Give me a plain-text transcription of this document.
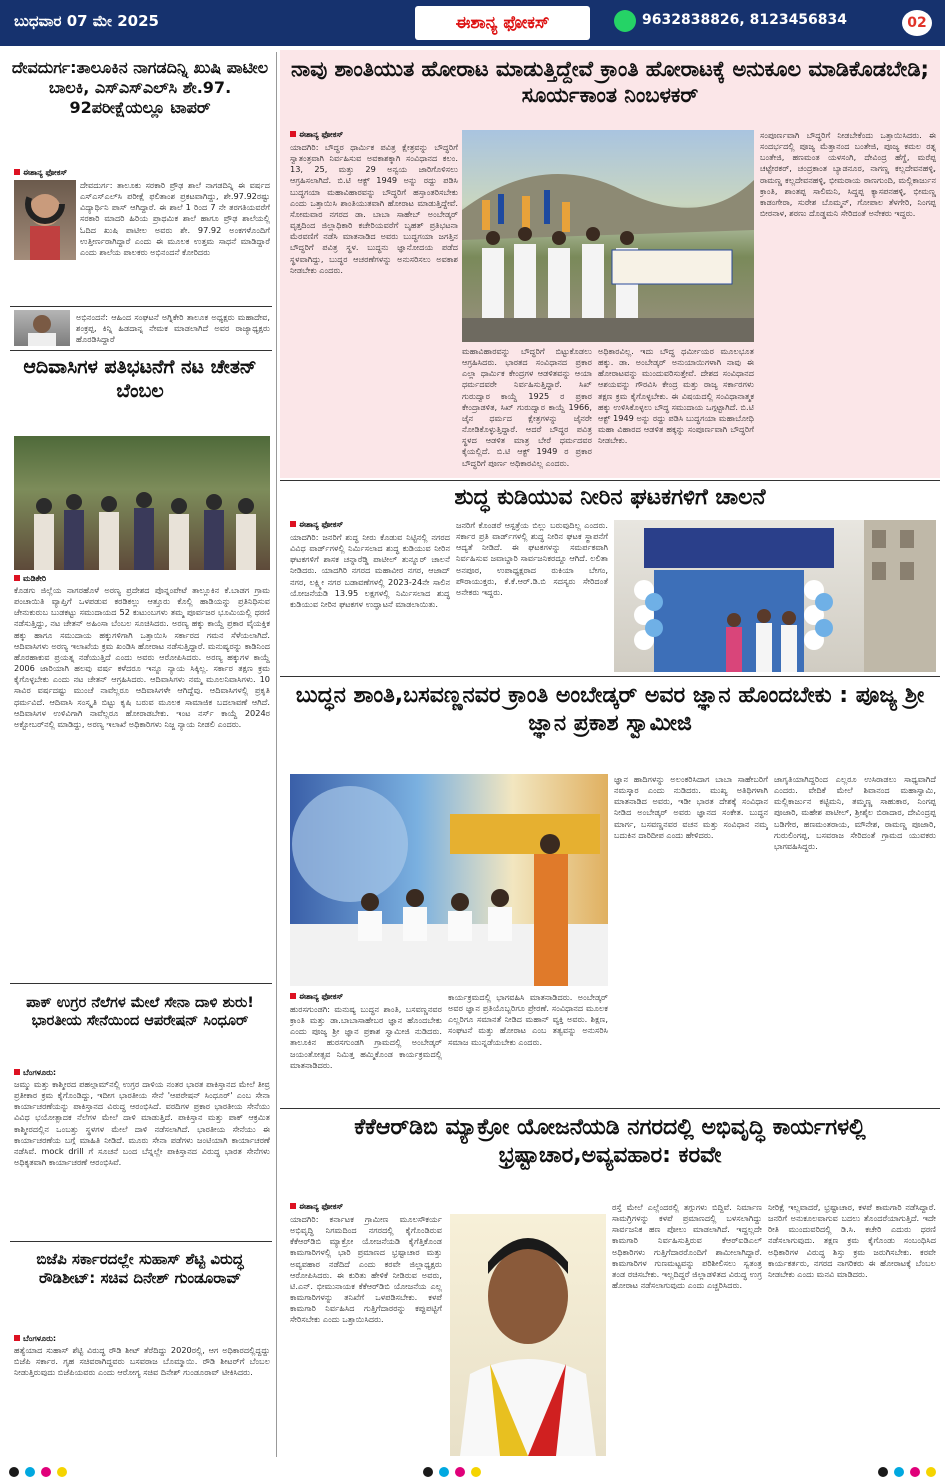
ಬುಧವಾರ 07 ಮೇ 2025	ಈಶಾನ್ಯ ಫೋಕಸ್	9632838826, 8123456834	02
ದೇವದುರ್ಗ:ತಾಲೂಕಿನ ನಾಗಡದಿನ್ನಿ ಖುಷಿ ಪಾಟೀಲ ಬಾಲಕಿ, ಎಸ್‌ಎಸ್‌ಎಲ್‌ಸಿ ಶೇ.97. 92ಪರೀಕ್ಷೆಯಲ್ಲೂ ಟಾಪರ್
ಈಶಾನ್ಯ ಫೋಕಸ್
ದೇವದುರ್ಗ: ತಾಲೂಕು ಸರಕಾರಿ ಪ್ರೌಢ ಶಾಲೆ ನಾಗಡದಿನ್ನಿ ಈ ವರ್ಷದ ಎಸ್‌ಎಸ್‌ಎಲ್‌ಸಿ ಪರೀಕ್ಷೆ ಫಲಿತಾಂಶ ಪ್ರಕಟವಾಗಿದ್ದು, ಶೇ.97.92ರಷ್ಟು ವಿದ್ಯಾರ್ಥಿನಿ ಪಾಸ್ ಆಗಿದ್ದಾರೆ. ಈ ಶಾಲೆ 1 ರಿಂದ 7 ನೇ ತರಗತಿಯವರೆಗೆ ಸರಕಾರಿ ಮಾದರಿ ಹಿರಿಯ ಪ್ರಾಥಮಿಕ ಶಾಲೆ ಹಾಗೂ ಪ್ರೌಢ ಶಾಲೆಯಲ್ಲಿ ಓದಿದ ಖುಷಿ ಪಾಟೀಲ ಅವರು ಶೇ. 97.92 ಅಂಕಗಳೊಂದಿಗೆ ಉತ್ತೀರ್ಣರಾಗಿದ್ದಾರೆ ಎಂದು ಈ ಮೂಲಕ ಉತ್ತಮ ಸಾಧನೆ ಮಾಡಿದ್ದಾರೆ ಎಂದು ಶಾಲೆಯ ಪಾಲಕರು ಅಭಿನಂದನೆ ಕೋರಿದರು
ಅಭಿನಂದನೆ: ಆಹಿಂದ ಸಂಘಟನೆ ಅಗ್ನಿಕೇರಿ ತಾಲೂಕ ಅಧ್ಯಕ್ಷರು ಮಹಾದೇವ, ಶಂಕ್ರಪ್ಪ, ಕಿನ್ನಿ ಹಿಡದಾನ್ನ ನೇಮಕ ಮಾಡಲಾಗಿದೆ ಅವರ ರಾಜ್ಯಾಧ್ಯಕ್ಷರು ಹೊರಡಿಸಿದ್ದಾರೆ
ಆದಿವಾಸಿಗಳ ಪತಿಭಟನೆಗೆ ನಟ ಚೇತನ್ ಬೆಂಬಲ
ಮಡಿಕೇರಿ
ಕೊಡಗು ಜಿಲ್ಲೆಯ ನಾಗರಹೊಳೆ ಅರಣ್ಯ ಪ್ರದೇಶದ ಪೊನ್ನಂಪೇಟೆ ತಾಲ್ಲೂಕಿನ ಕೆ.ಬಾಡಗ ಗ್ರಾಮ ಪಂಚಾಯಿತಿ ವ್ಯಾಪ್ತಿಗೆ ಒಳಪಡುವ ಕರಡಿಕಲ್ಲು ಆತ್ತೂರು ಕೊಲ್ಲಿ ಹಾಡಿಯನ್ನು ಪ್ರತಿನಿಧಿಸುವ ಜೇನುಕುರುಬ ಬುಡಕಟ್ಟು ಸಮುದಾಯದ 52 ಕುಟುಂಬಗಳು ತಮ್ಮ ಪೂರ್ವಜರ ಭೂಮಿಯಲ್ಲಿ ಧರಣಿ ನಡೆಸುತ್ತಿದ್ದು, ನಟ ಚೇತನ್ ಅಹಿಂಸಾ ಬೆಂಬಲ ಸೂಚಿಸಿದರು. ಅರಣ್ಯ ಹಕ್ಕು ಕಾಯ್ದೆ ಪ್ರಕಾರ ವೈಯಕ್ತಿಕ ಹಕ್ಕು ಹಾಗೂ ಸಮುದಾಯ ಹಕ್ಕುಗಳಿಗಾಗಿ ಒತ್ತಾಯಿಸಿ ಸರ್ಕಾರದ ಗಮನ ಸೆಳೆಯಲಾಗಿದೆ. ಆದಿವಾಸಿಗಳು ಅರಣ್ಯ ಇಲಾಖೆಯ ಕ್ರಮ ಖಂಡಿಸಿ ಹೋರಾಟ ನಡೆಸುತ್ತಿದ್ದಾರೆ. ಮನುಷ್ಯರನ್ನು ಕಾಡಿನಿಂದ ಹೊರಹಾಕುವ ಪ್ರಯತ್ನ ನಡೆಯುತ್ತಿದೆ ಎಂದು ಅವರು ಆರೋಪಿಸಿದರು. ಅರಣ್ಯ ಹಕ್ಕುಗಳ ಕಾಯ್ದೆ 2006 ಜಾರಿಯಾಗಿ ಹಲವು ವರ್ಷ ಕಳೆದರೂ ಇನ್ನೂ ನ್ಯಾಯ ಸಿಕ್ಕಿಲ್ಲ. ಸರ್ಕಾರ ತಕ್ಷಣ ಕ್ರಮ ಕೈಗೊಳ್ಳಬೇಕು ಎಂದು ನಟ ಚೇತನ್ ಆಗ್ರಹಿಸಿದರು. ಆದಿವಾಸಿಗಳು ನಮ್ಮ ಮೂಲನಿವಾಸಿಗಳು. 10 ಸಾವಿರ ವರ್ಷದಷ್ಟು ಮುಂಚೆ ನಾವೆಲ್ಲರೂ ಆದಿವಾಸಿಗಳೇ ಆಗಿದ್ದೆವು. ಆದಿವಾಸಿಗಳಲ್ಲಿ ಪ್ರಕೃತಿ ಧರ್ಮವಿದೆ. ಆದಿವಾಸಿ ಸಂಸ್ಕೃತಿ ಬಿಟ್ಟು ಕೃಷಿ ಬರುವ ಮೂಲಕ ಸಾಮಾಜಿಕ ಬದಲಾವಣೆ ಆಗಿದೆ. ಆದಿವಾಸಿಗಳ ಉಳಿವಿಗಾಗಿ ನಾವೆಲ್ಲರೂ ಹೋರಾಡಬೇಕು. ಇಂಟ ನರ್ಸ್ ಕಾಯ್ದೆ 2024ರ ಅಕ್ಟೋಬರ್‌ನಲ್ಲಿ ಮಾಡಿದ್ದು, ಅರಣ್ಯ ಇಲಾಖೆ ಅಧಿಕಾರಿಗಳು ನಿಜ್ಜ ನ್ಯಾಯ ನೀಡಲಿ ಎಂದರು.
ಪಾಕ್ ಉಗ್ರರ ನೆಲೆಗಳ ಮೇಲೆ ಸೇನಾ ದಾಳಿ ಶುರು! ಭಾರತೀಯ ಸೇನೆಯಿಂದ ಆಪರೇಷನ್ ಸಿಂಧೂರ್
ಬೆಂಗಳೂರು:
ಜಮ್ಮು ಮತ್ತು ಕಾಶ್ಮೀರದ ಪಹಲ್ಗಾಮ್‌ನಲ್ಲಿ ಉಗ್ರರ ದಾಳಿಯ ನಂತರ ಭಾರತ ಪಾಕಿಸ್ತಾನದ ಮೇಲೆ ತೀವ್ರ ಪ್ರತೀಕಾರ ಕ್ರಮ ಕೈಗೊಂಡಿದ್ದು, ಇದೀಗ ಭಾರತೀಯ ಸೇನೆ 'ಆಪರೇಷನ್ ಸಿಂಧೂರ್' ಎಂಬ ಸೇನಾ ಕಾರ್ಯಾಚರಣೆಯನ್ನು ಪಾಕಿಸ್ತಾನದ ವಿರುದ್ಧ ಆರಂಭಿಸಿದೆ. ವರದಿಗಳ ಪ್ರಕಾರ ಭಾರತೀಯ ಸೇನೆಯು ವಿವಿಧ ಭಯೋತ್ಪಾದಕ ನೆಲೆಗಳ ಮೇಲೆ ದಾಳಿ ಮಾಡುತ್ತಿದೆ. ಪಾಕಿಸ್ತಾನ ಮತ್ತು ಪಾಕ್ ಆಕ್ರಮಿತ ಕಾಶ್ಮೀರದಲ್ಲಿನ ಒಂಬತ್ತು ಸ್ಥಳಗಳ ಮೇಲೆ ದಾಳಿ ನಡೆಸಲಾಗಿದೆ. ಭಾರತೀಯ ಸೇನೆಯು ಈ ಕಾರ್ಯಾಚರಣೆಯ ಬಗ್ಗೆ ಮಾಹಿತಿ ನೀಡಿದೆ. ಮೂರು ಸೇನಾ ಪಡೆಗಳು ಜಂಟಿಯಾಗಿ ಕಾರ್ಯಾಚರಣೆ ನಡೆಸಿವೆ. mock drill ಗೆ ಸೂಚನೆ ಬಂದ ಬೆನ್ನಲ್ಲೇ ಪಾಕಿಸ್ತಾನದ ವಿರುದ್ಧ ಭಾರತ ಸೇನೆಗಳು ಅಧಿಕೃತವಾಗಿ ಕಾರ್ಯಾಚರಣೆ ಆರಂಭಿಸಿವೆ.
ಬಿಜೆಪಿ ಸರ್ಕಾರದಲ್ಲೇ ಸುಹಾಸ್ ಶೆಟ್ಟಿ ವಿರುದ್ಧ ರೌಡಿಶೀಟ್: ಸಚಿವ ದಿನೇಶ್ ಗುಂಡೂರಾವ್
ಬೆಂಗಳೂರು:
ಹತ್ಯೆಯಾದ ಸುಹಾಸ್ ಶೆಟ್ಟಿ ವಿರುದ್ಧ ರೌಡಿ ಶೀಟ್ ತೆರೆದಿದ್ದು 2020ರಲ್ಲಿ, ಆಗ ಅಧಿಕಾರದಲ್ಲಿದ್ದದ್ದು ಬಿಜೆಪಿ ಸರ್ಕಾರ. ಗೃಹ ಸಚಿವರಾಗಿದ್ದವರು ಬಸವರಾಜ ಬೊಮ್ಮಾಯಿ. ರೌಡಿ ಶೀಟರ್‌ಗೆ ಬೆಂಬಲ ನೀಡುತ್ತಿರುವುದು ಬಿಜೆಪಿಯವರು ಎಂದು ಆರೋಗ್ಯ ಸಚಿವ ದಿನೇಶ್ ಗುಂಡೂರಾವ್ ಟೀಕಿಸಿದರು.
ನಾವು ಶಾಂತಿಯುತ ಹೋರಾಟ ಮಾಡುತ್ತಿದ್ದೇವೆ ಕ್ರಾಂತಿ ಹೋರಾಟಕ್ಕೆ ಅನುಕೂಲ ಮಾಡಿಕೊಡಬೇಡಿ; ಸೂರ್ಯಕಾಂತ ನಿಂಬಳಕರ್
ಈಶಾನ್ಯ ಫೋಕಸ್
ಯಾದಗಿರಿ: ಬೌದ್ಧರ ಧಾರ್ಮಿಕ ಪವಿತ್ರ ಕ್ಷೇತ್ರವನ್ನು ಬೌದ್ಧರಿಗೆ ಸ್ವಾತಂತ್ರವಾಗಿ ನಿರ್ವಹಿಸುವ ಅವಕಾಶಕ್ಕಾಗಿ ಸಂವಿಧಾನದ ಕಲಂ. 13, 25, ಮತ್ತು 29 ಅನ್ವಯ ಜಾರಿಗೊಳಿಸಲು ಆಗ್ರಹಿಸಲಾಗಿದೆ. ಬಿ.ಟಿ ಆಕ್ಟ್ 1949 ಅನ್ನು ರದ್ದು ಪಡಿಸಿ ಬುದ್ಧಗಯಾ ಮಹಾವಿಹಾರವನ್ನು ಬೌದ್ಧರಿಗೆ ಹಸ್ತಾಂತರಿಸಬೇಕು ಎಂದು ಒತ್ತಾಯಿಸಿ ಶಾಂತಿಯುತವಾಗಿ ಹೋರಾಟ ಮಾಡುತ್ತಿದ್ದೇವೆ. ಸೋಮವಾರ ನಗರದ ಡಾ. ಬಾಬಾ ಸಾಹೇಬ್ ಅಂಬೇಡ್ಕರ್ ವೃತ್ತದಿಂದ ಜಿಲ್ಲಾಧಿಕಾರಿ ಕಚೇರಿಯವರೆಗೆ ಬೃಹತ್ ಪ್ರತಿಭಟನಾ ಮೆರವಣಿಗೆ ನಡೆಸಿ ಮಾತನಾಡಿದ ಅವರು ಬುದ್ಧಗಯಾ ಜಗತ್ತಿನ ಬೌದ್ಧರಿಗೆ ಪವಿತ್ರ ಸ್ಥಳ. ಬುದ್ಧನು ಜ್ಞಾನೋದಯ ಪಡೆದ ಸ್ಥಳವಾಗಿದ್ದು, ಬುದ್ಧರ ಆಚರಣೆಗಳನ್ನು ಅನುಸರಿಸಲು ಅವಕಾಶ ನೀಡಬೇಕು ಎಂದರು.
ಮಹಾವಿಹಾರವನ್ನು ಬೌದ್ಧರಿಗೆ ಬಿಟ್ಟುಕೊಡಲು ಆಗ್ರಹಿಸಿದರು. ಭಾರತದ ಸಂವಿಧಾನದ ಪ್ರಕಾರ ಎಲ್ಲಾ ಧಾರ್ಮಿಕ ಕೇಂದ್ರಗಳ ಆಡಳಿತವನ್ನು ಆಯಾ ಧರ್ಮದವರೇ ನಿರ್ವಹಿಸುತ್ತಿದ್ದಾರೆ. ಸಿಖ್ ಗುರುದ್ವಾರ ಕಾಯ್ದೆ 1925 ರ ಪ್ರಕಾರ ಕೇಂದ್ರಾಡಳಿತ, ಸಿಖ್ ಗುರುದ್ವಾರ ಕಾಯ್ದೆ 1966, ಜೈನ ಧರ್ಮದ ಕ್ಷೇತ್ರಗಳನ್ನು ಜೈನರೇ ನೋಡಿಕೊಳ್ಳುತ್ತಿದ್ದಾರೆ. ಆದರೆ ಬೌದ್ಧರ ಪವಿತ್ರ ಸ್ಥಳದ ಆಡಳಿತ ಮಾತ್ರ ಬೇರೆ ಧರ್ಮದವರ ಕೈಯಲ್ಲಿದೆ. ಬಿ.ಟಿ ಆಕ್ಟ್ 1949 ರ ಪ್ರಕಾರ ಬೌದ್ಧರಿಗೆ ಪೂರ್ಣ ಅಧಿಕಾರವಿಲ್ಲ ಎಂದರು.
ಅಧಿಕಾರವಿಲ್ಲ. ಇದು ಬೌದ್ಧ ಧರ್ಮೀಯರ ಮೂಲಭೂತ ಹಕ್ಕು. ಡಾ. ಅಂಬೇಡ್ಕರ್ ಅನುಯಾಯಿಗಳಾಗಿ ನಾವು ಈ ಹೋರಾಟವನ್ನು ಮುಂದುವರಿಸುತ್ತೇವೆ. ದೇಶದ ಸಂವಿಧಾನದ ಆಶಯವನ್ನು ಗೌರವಿಸಿ ಕೇಂದ್ರ ಮತ್ತು ರಾಜ್ಯ ಸರ್ಕಾರಗಳು ತಕ್ಷಣ ಕ್ರಮ ಕೈಗೊಳ್ಳಬೇಕು. ಈ ವಿಷಯದಲ್ಲಿ ಸಂವಿಧಾನಾತ್ಮಕ ಹಕ್ಕು ಉಳಿಸಿಕೊಳ್ಳಲು ಬೌದ್ಧ ಸಮುದಾಯ ಒಗ್ಗಟ್ಟಾಗಿದೆ. ಬಿ.ಟಿ ಆಕ್ಟ್ 1949 ಅನ್ನು ರದ್ದು ಪಡಿಸಿ ಬುದ್ಧಗಯಾ ಮಹಾಬೋಧಿ ಮಹಾ ವಿಹಾರದ ಆಡಳಿತ ಹಕ್ಕನ್ನು ಸಂಪೂರ್ಣವಾಗಿ ಬೌದ್ಧರಿಗೆ ನೀಡಬೇಕು.
ಸಂಪೂರ್ಣವಾಗಿ ಬೌದ್ಧರಿಗೆ ನೀಡಬೇಕೆಂದು ಒತ್ತಾಯಿಸಿದರು. ಈ ಸಂದರ್ಭದಲ್ಲಿ ಪೂಜ್ಯ ಮೆತ್ತಾನಂದ ಬಂತೇಜಿ, ಪೂಜ್ಯ ಕಮಲ ರತ್ನ ಬಂತೇಜಿ, ಹಣಮಂತ ಯಳಸಂಗಿ, ದೇವಿಂದ್ರ ಹೆಗ್ಡೆ, ಮರೆಪ್ಪ ಚಟ್ಟೇರಕರ್, ಚಂದ್ರಕಾಂತ ಬ್ಯಾಡನೂರ, ನಾಗಣ್ಣ ಕಲ್ಲದೇವನಹಳ್ಳಿ, ರಾಮಣ್ಣ ಕಲ್ಲದೇವನಹಳ್ಳಿ, ಭೀಮರಾಯ ಠಾಣಗುಂದಿ, ಮಲ್ಲಿಕಾರ್ಜುನ ಕ್ರಾಂತಿ, ಶಾಂತಪ್ಪ ಸಾಲಿಮನಿ, ಸಿದ್ದಪ್ಪ ಕ್ಯಾಸಪನಹಳ್ಳಿ, ಭೀಮಣ್ಣ ಕಾಡಂಗೇರಾ, ಸುರೇಶ ಬೊಮ್ಮನ್, ಗೋಪಾಲ ತೆಳಗೇರಿ, ನಿಂಗಪ್ಪ ಬೀರನಾಳ, ಶರಣು ದೊಡ್ಡಮನಿ ಸೇರಿದಂತೆ ಅನೇಕರು ಇದ್ದರು.
ಶುದ್ಧ ಕುಡಿಯುವ ನೀರಿನ ಘಟಕಗಳಿಗೆ ಚಾಲನೆ
ಈಶಾನ್ಯ ಫೋಕಸ್
ಯಾದಗಿರಿ: ಜನರಿಗೆ ಶುದ್ಧ ನೀರು ಕೊಡುವ ನಿಟ್ಟಿನಲ್ಲಿ ನಗರದ ವಿವಿಧ ವಾರ್ಡ್‌ಗಳಲ್ಲಿ ನಿರ್ಮಿಸಲಾದ ಶುದ್ಧ ಕುಡಿಯುವ ನೀರಿನ ಘಟಕಗಳಿಗೆ ಶಾಸಕ ಚನ್ನಾರೆಡ್ಡಿ ಪಾಟೀಲ್ ತುನ್ನೂರ್ ಚಾಲನೆ ನೀಡಿದರು. ಯಾದಗಿರಿ ನಗರದ ಮಹಾವೀರ ನಗರ, ಆಜಾದ್ ನಗರ, ಲಕ್ಷ್ಮೀ ನಗರ ಬಡಾವಣೆಗಳಲ್ಲಿ 2023-24ನೇ ಸಾಲಿನ ಯೋಜನೆಯಡಿ 13.95 ಲಕ್ಷಗಳಲ್ಲಿ ನಿರ್ಮಿಸಲಾದ ಶುದ್ಧ ಕುಡಿಯುವ ನೀರಿನ ಘಟಕಗಳ ಉದ್ಘಾಟನೆ ಮಾಡಲಾಯಿತು.
ಜನರಿಗೆ ಕೊಂಡರೆ ಆಸ್ಪತ್ರೆಯ ಬಿಲ್ಲು ಬರುವುದಿಲ್ಲ ಎಂದರು. ಸರ್ಕಾರ ಪ್ರತಿ ವಾರ್ಡ್‌ಗಳಲ್ಲಿ ಶುದ್ಧ ನೀರಿನ ಘಟಕ ಸ್ಥಾಪನೆಗೆ ಆದ್ಯತೆ ನೀಡಿದೆ. ಈ ಘಟಕಗಳನ್ನು ಸಮರ್ಪಕವಾಗಿ ನಿರ್ವಹಿಸುವ ಜವಾಬ್ದಾರಿ ಸಾರ್ವಜನಿಕರದ್ದೂ ಆಗಿದೆ. ಲಲಿತಾ ಅನಪೂರ, ಉಪಾಧ್ಯಕ್ಷರಾದ ರುಕಿಯಾ ಬೇಗಂ, ಪೌರಾಯುಕ್ತರು, ಕೆ.ಕೆ.ಆರ್.ಡಿ.ಬಿ ಸದಸ್ಯರು ಸೇರಿದಂತೆ ಅನೇಕರು ಇದ್ದರು.
ಬುದ್ಧನ ಶಾಂತಿ,ಬಸವಣ್ಣನವರ ಕ್ರಾಂತಿ ಅಂಬೇಡ್ಕರ್ ಅವರ ಜ್ಞಾನ ಹೊಂದಬೇಕು : ಪೂಜ್ಯ ಶ್ರೀ ಜ್ಞಾನ ಪ್ರಕಾಶ ಸ್ವಾಮೀಜಿ
ಈಶಾನ್ಯ ಫೋಕಸ್
ಹುರಸಗುಂಡಗಿ: ಮನುಷ್ಯ ಬುದ್ಧನ ಶಾಂತಿ, ಬಸವಣ್ಣನವರ ಕ್ರಾಂತಿ ಮತ್ತು ಡಾ.ಬಾಬಾಸಾಹೇಬರ ಜ್ಞಾನ ಹೊಂದಬೇಕು ಎಂದು ಪೂಜ್ಯ ಶ್ರೀ ಜ್ಞಾನ ಪ್ರಕಾಶ ಸ್ವಾಮೀಜಿ ನುಡಿದರು. ತಾಲೂಕಿನ ಹುರಸಗುಂಡಗಿ ಗ್ರಾಮದಲ್ಲಿ ಅಂಬೇಡ್ಕರ್ ಜಯಂತೋತ್ಸವ ನಿಮಿತ್ತ ಹಮ್ಮಿಕೊಂಡ ಕಾರ್ಯಕ್ರಮದಲ್ಲಿ ಮಾತನಾಡಿದರು.
ಕಾರ್ಯಕ್ರಮದಲ್ಲಿ ಭಾಗವಹಿಸಿ ಮಾತನಾಡಿದರು. ಅಂಬೇಡ್ಕರ್ ಅವರ ಜ್ಞಾನ ಪ್ರತಿಯೊಬ್ಬರಿಗೂ ಪ್ರೇರಣೆ. ಸಂವಿಧಾನದ ಮೂಲಕ ಎಲ್ಲರಿಗೂ ಸಮಾನತೆ ನೀಡಿದ ಮಹಾನ್ ವ್ಯಕ್ತಿ ಅವರು. ಶಿಕ್ಷಣ, ಸಂಘಟನೆ ಮತ್ತು ಹೋರಾಟ ಎಂಬ ತತ್ವವನ್ನು ಅನುಸರಿಸಿ ಸಮಾಜ ಮುನ್ನಡೆಯಬೇಕು ಎಂದರು.
ಜ್ಞಾನ ಹಾದಿಗಳನ್ನು ಅಲಂಕರಿಸಿದಾಗ ಬಾಬಾ ಸಾಹೇಬರಿಗೆ ನಮಸ್ಕಾರ ಎಂದು ನುಡಿದರು. ಮುಖ್ಯ ಅತಿಥಿಗಳಾಗಿ ಮಾತನಾಡಿದ ಅವರು, ಇಡೀ ಭಾರತ ದೇಶಕ್ಕೆ ಸಂವಿಧಾನ ನೀಡಿದ ಅಂಬೇಡ್ಕರ್ ಅವರು ಜ್ಞಾನದ ಸಂಕೇತ. ಬುದ್ಧನ ಮಾರ್ಗ, ಬಸವಣ್ಣನವರ ವಚನ ಮತ್ತು ಸಂವಿಧಾನ ನಮ್ಮ ಬದುಕಿನ ದಾರಿದೀಪ ಎಂದು ಹೇಳಿದರು.
ಜಾಗೃತಿಯಾಗಿದ್ದರಿಂದ ಎಲ್ಲರೂ ಉಸಿರಾಡಲು ಸಾಧ್ಯವಾಗಿದೆ ಎಂದರು. ವೇದಿಕೆ ಮೇಲೆ ಶಿವಾನಂದ ಮಹಾಸ್ವಾಮಿ, ಮಲ್ಲಿಕಾರ್ಜುನ ಕಟ್ಟಿಮನಿ, ತಮ್ಮಣ್ಣ ಸಾಹುಕಾರ, ನಿಂಗಪ್ಪ ಪೂಜಾರಿ, ಮಹೇಶ ಪಾಟೀಲ್, ಶ್ರೀಶೈಲ ಬಿರಾದಾರ, ದೇವಿಂದ್ರಪ್ಪ ಬಡಿಗೇರ, ಹಣಮಂತರಾಯ, ಮೌನೇಶ, ರಾಮಣ್ಣ ಪೂಜಾರಿ, ಗುರುಲಿಂಗಪ್ಪ, ಬಸವರಾಜ ಸೇರಿದಂತೆ ಗ್ರಾಮದ ಯುವಕರು ಭಾಗವಹಿಸಿದ್ದರು.
ಕೆಕೆಆರ್‌ಡಿಬಿ ಮ್ಯಾಕ್ರೋ ಯೋಜನೆಯಡಿ ನಗರದಲ್ಲಿ ಅಭಿವೃದ್ಧಿ ಕಾರ್ಯಗಳಲ್ಲಿ ಭ್ರಷ್ಟಾಚಾರ,ಅವ್ಯವಹಾರ: ಕರವೇ
ಈಶಾನ್ಯ ಫೋಕಸ್
ಯಾದಗಿರಿ: ಕರ್ನಾಟಕ ಗ್ರಾಮೀಣ ಮೂಲಸೌಕರ್ಯ ಅಭಿವೃದ್ಧಿ ನಿಗಮದಿಂದ ನಗರದಲ್ಲಿ ಕೈಗೊಂಡಿರುವ ಕೆಕೆಆರ್‌ಡಿಬಿ ಮ್ಯಾಕ್ರೋ ಯೋಜನೆಯಡಿ ಕೈಗೆತ್ತಿಕೊಂಡ ಕಾಮಗಾರಿಗಳಲ್ಲಿ ಭಾರಿ ಪ್ರಮಾಣದ ಭ್ರಷ್ಟಾಚಾರ ಮತ್ತು ಅವ್ಯವಹಾರ ನಡೆದಿದೆ ಎಂದು ಕರವೇ ಜಿಲ್ಲಾಧ್ಯಕ್ಷರು ಆರೋಪಿಸಿದರು. ಈ ಕುರಿತು ಹೇಳಿಕೆ ನೀಡಿರುವ ಅವರು, ಟಿ.ಎನ್. ಭೀಮುನಾಯಕ ಕೆಕೆಆರ್‌ಡಿಬಿ ಯೋಜನೆಯ ಎಲ್ಲ ಕಾಮಗಾರಿಗಳನ್ನು ತನಿಖೆಗೆ ಒಳಪಡಿಸಬೇಕು. ಕಳಪೆ ಕಾಮಗಾರಿ ನಿರ್ವಹಿಸಿದ ಗುತ್ತಿಗೆದಾರರನ್ನು ಕಪ್ಪುಪಟ್ಟಿಗೆ ಸೇರಿಸಬೇಕು ಎಂದು ಒತ್ತಾಯಿಸಿದರು.
ರಸ್ತೆ ಮೇಲೆ ಎಲ್ಲೆಂದರಲ್ಲಿ ತಗ್ಗುಗಳು ಬಿದ್ದಿವೆ. ನಿರ್ಮಾಣ ಸಾಮಗ್ರಿಗಳನ್ನು ಕಳಪೆ ಪ್ರಮಾಣದಲ್ಲಿ ಬಳಸಲಾಗಿದ್ದು ಸಾರ್ವಜನಿಕ ಹಣ ಪೋಲು ಮಾಡಲಾಗಿದೆ. ಇದ್ದಲ್ಲದೇ ಕಾಮಗಾರಿ ನಿರ್ವಹಿಸುತ್ತಿರುವ ಕೆಆರ್‌ಐಡಿಎಲ್ ಅಧಿಕಾರಿಗಳು ಗುತ್ತಿಗೆದಾರರೊಂದಿಗೆ ಶಾಮೀಲಾಗಿದ್ದಾರೆ. ಕಾಮಗಾರಿಗಳ ಗುಣಮಟ್ಟವನ್ನು ಪರಿಶೀಲಿಸಲು ಸ್ವತಂತ್ರ ತಂಡ ರಚಿಸಬೇಕು. ಇಲ್ಲದಿದ್ದರೆ ಜಿಲ್ಲಾಡಳಿತದ ವಿರುದ್ಧ ಉಗ್ರ ಹೋರಾಟ ನಡೆಸಲಾಗುವುದು ಎಂದು ಎಚ್ಚರಿಸಿದರು.
ನೀರಿಕ್ಷೆ ಇಲ್ಲವಾದರೆ, ಭ್ರಷ್ಟಾಚಾರ, ಕಳಪೆ ಕಾಮಗಾರಿ ನಡೆಸಿದ್ದಾರೆ. ಜನರಿಗೆ ಅನುಕೂಲವಾಗುವ ಬದಲು ತೊಂದರೆಯಾಗುತ್ತಿದೆ. ಇದೇ ರೀತಿ ಮುಂದುವರಿದಲ್ಲಿ ಡಿ.ಸಿ. ಕಚೇರಿ ಎದುರು ಧರಣಿ ನಡೆಸಲಾಗುವುದು. ತಕ್ಷಣ ಕ್ರಮ ಕೈಗೊಂಡು ಸಂಬಂಧಿಸಿದ ಅಧಿಕಾರಿಗಳ ವಿರುದ್ಧ ಶಿಸ್ತು ಕ್ರಮ ಜರುಗಿಸಬೇಕು. ಕರವೇ ಕಾರ್ಯಕರ್ತರು, ನಗರದ ನಾಗರಿಕರು ಈ ಹೋರಾಟಕ್ಕೆ ಬೆಂಬಲ ನೀಡಬೇಕು ಎಂದು ಮನವಿ ಮಾಡಿದರು.
